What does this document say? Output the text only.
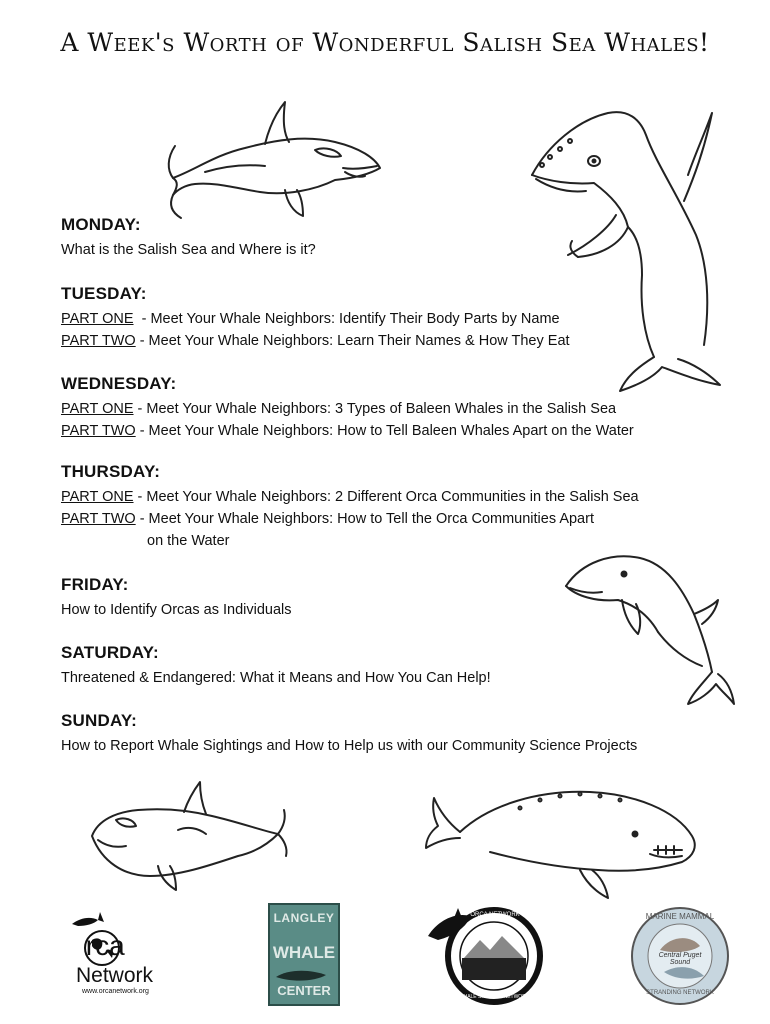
A Week's Worth of Wonderful Salish Sea Whales!
MONDAY:
What is the Salish Sea and Where is it?
TUESDAY:
PART ONE  - Meet Your Whale Neighbors: Identify Their Body Parts by Name
PART TWO - Meet Your Whale Neighbors: Learn Their Names & How They Eat
WEDNESDAY:
PART ONE - Meet Your Whale Neighbors: 3 Types of Baleen Whales in the Salish Sea
PART TWO - Meet Your Whale Neighbors: How to Tell Baleen Whales Apart on the Water
THURSDAY:
PART ONE - Meet Your Whale Neighbors: 2 Different Orca Communities in the Salish Sea
PART TWO - Meet Your Whale Neighbors: How to Tell the Orca Communities Apart
on the Water
FRIDAY:
How to Identify Orcas as Individuals
SATURDAY:
Threatened & Endangered: What it Means and How You Can Help!
SUNDAY:
How to Report Whale Sightings and How to Help us with our Community Science Projects
rca
Network
www.orcanetwork.org
LANGLEY
WHALE
CENTER
ORCA NETWORK
WHALE SIGHTING NETWORK
MARINE MAMMAL
Central Puget Sound
STRANDING NETWORK
